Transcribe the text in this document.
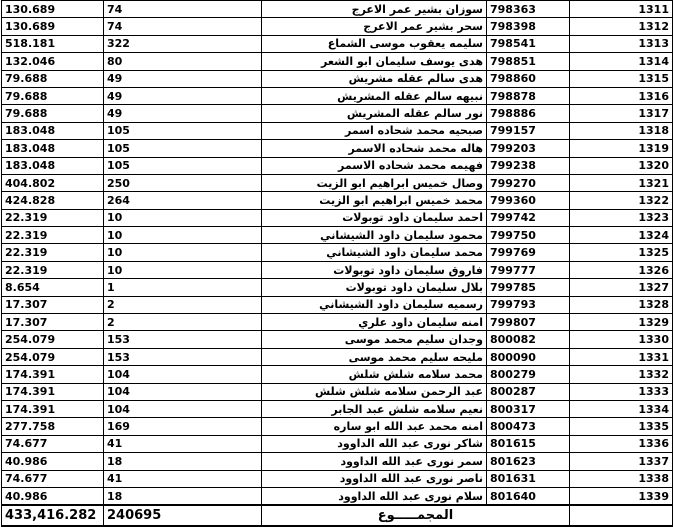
130.689	74	سوزان بشير عمر الاعرج	798363	1311
130.689	74	سحر بشير عمر الاعرج	798398	1312
518.181	322	سليمه يعقوب موسى الشماع	798541	1313
132.046	80	هدى يوسف سليمان ابو الشعر	798851	1314
79.688	49	هدى سالم عقله مشريش	798860	1315
79.688	49	نبيهه سالم عقله المشريش	798878	1316
79.688	49	نور سالم عقله المشريش	798886	1317
183.048	105	صبحيه محمد شحاده اسمر	799157	1318
183.048	105	هاله محمد شحاده الاسمر	799203	1319
183.048	105	فهيمه محمد شحاده الاسمر	799238	1320
404.802	250	وصال خميس ابراهيم ابو الزيت	799270	1321
424.828	264	محمد خميس ابراهيم ابو الزيت	799360	1322
22.319	10	احمد سليمان داود توبولات	799742	1323
22.319	10	محمود سليمان داود الشيشاني	799750	1324
22.319	10	محمد سليمان داود الشيشاني	799769	1325
22.319	10	فاروق سليمان داود توبولات	799777	1326
8.654	1	بلال سليمان داود توبولات	799785	1327
17.307	2	رسميه سليمان داود الشيشاني	799793	1328
17.307	2	امنه سليمان داود علري	799807	1329
254.079	153	وجدان سليم محمد موسى	800082	1330
254.079	153	مليحه سليم محمد موسى	800090	1331
174.391	104	محمد سلامه شلش شلش	800279	1332
174.391	104	عبد الرحمن سلامه شلش شلش	800287	1333
174.391	104	نعيم سلامه شلش عبد الجابر	800317	1334
277.758	169	امنه محمد عبد الله ابو ساره	800473	1335
74.677	41	شاكر نورى عبد الله الداوود	801615	1336
40.986	18	سمر نورى عبد الله الداوود	801623	1337
74.677	41	ناصر نورى عبد الله الداوود	801631	1338
40.986	18	سلام نورى عبد الله الداوود	801640	1339
433,416.282	240695	المجمـــــوع		
